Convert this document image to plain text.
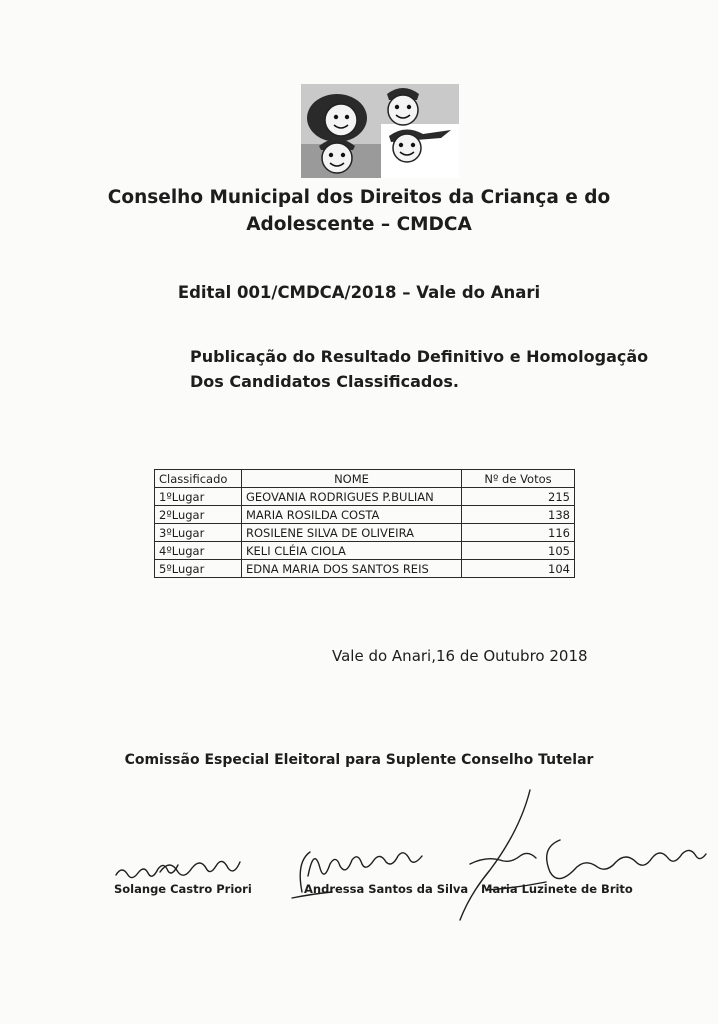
Conselho Municipal dos Direitos da Criança e do
Adolescente – CMDCA
Edital 001/CMDCA/2018 – Vale do Anari
Publicação do Resultado Definitivo e Homologação
Dos Candidatos Classificados.
Classificado	NOME	Nº de Votos
1ºLugar	GEOVANIA RODRIGUES P.BULIAN	215
2ºLugar	MARIA ROSILDA COSTA	138
3ºLugar	ROSILENE SILVA DE OLIVEIRA	116
4ºLugar	KELI CLÉIA CIOLA	105
5ºLugar	EDNA MARIA DOS SANTOS REIS	104
Vale do Anari,16 de Outubro 2018
Comissão Especial Eleitoral para Suplente Conselho Tutelar
Solange Castro Priori	Andressa Santos da Silva Maria Luzinete de Brito
